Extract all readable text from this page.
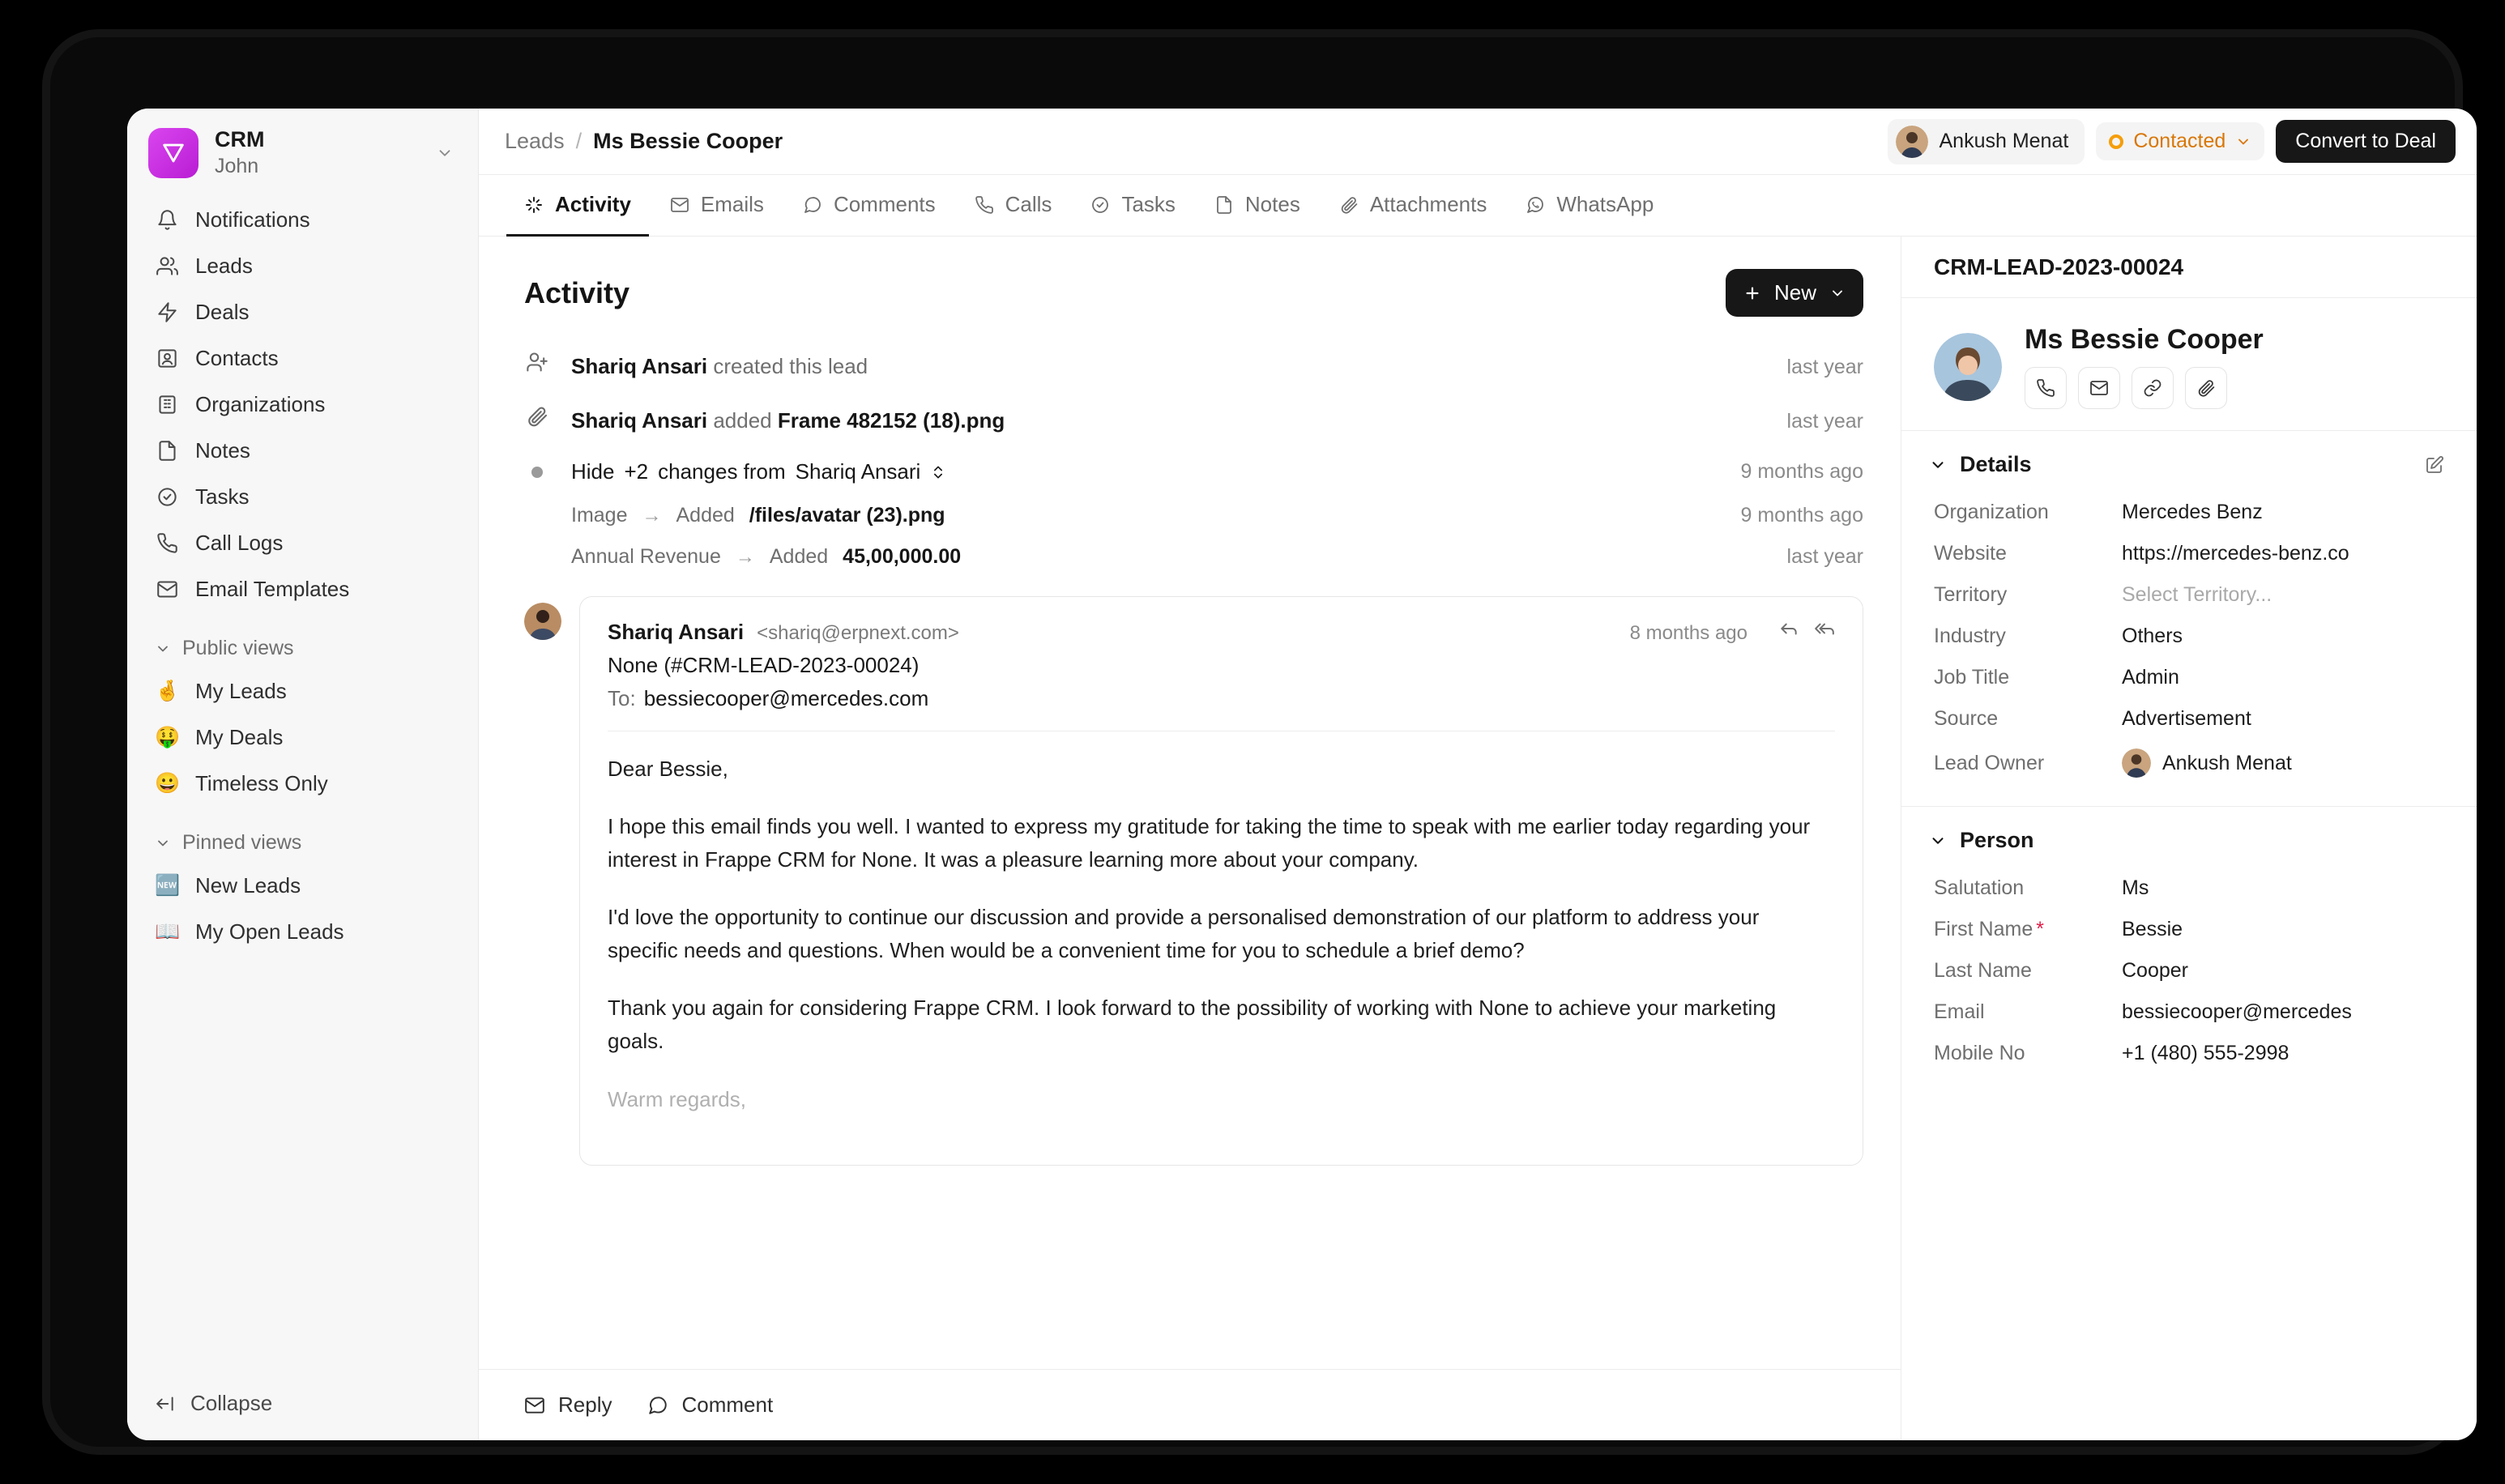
CRM
John
Notifications
Leads
Deals
Contacts
Organizations
Notes
Tasks
Call Logs
Email Templates
Public views
🤞 My Leads
🤑 My Deals
😀 Timeless Only
Pinned views
🆕 New Leads
📖 My Open Leads
Collapse
Leads / Ms Bessie Cooper	Ankush Menat	Contacted	Convert to Deal
Activity	Emails	Comments	Calls	Tasks	Notes	Attachments	WhatsApp
Activity	New
Shariq Ansari created this lead	last year
Shariq Ansari added Frame 482152 (18).png	last year
Hide +2 changes from Shariq Ansari	9 months ago
Image → Added /files/avatar (23).png	9 months ago
Annual Revenue → Added 45,00,000.00	last year
Shariq Ansari <shariq@erpnext.com>	8 months ago
None (#CRM-LEAD-2023-00024)
To: bessiecooper@mercedes.com

Dear Bessie,

I hope this email finds you well. I wanted to express my gratitude for taking the time to speak with me earlier today regarding your interest in Frappe CRM for None. It was a pleasure learning more about your company.

I'd love the opportunity to continue our discussion and provide a personalised demonstration of our platform to address your specific needs and questions. When would be a convenient time for you to schedule a brief demo?

Thank you again for considering Frappe CRM. I look forward to the possibility of working with None to achieve your marketing goals.

Warm regards,

Reply	Comment
CRM-LEAD-2023-00024
Ms Bessie Cooper
Details
Organization	Mercedes Benz
Website	https://mercedes-benz.co
Territory	Select Territory...
Industry	Others
Job Title	Admin
Source	Advertisement
Lead Owner	Ankush Menat
Person
Salutation	Ms
First Name *	Bessie
Last Name	Cooper
Email	bessiecooper@mercedes
Mobile No	+1 (480) 555-2998
